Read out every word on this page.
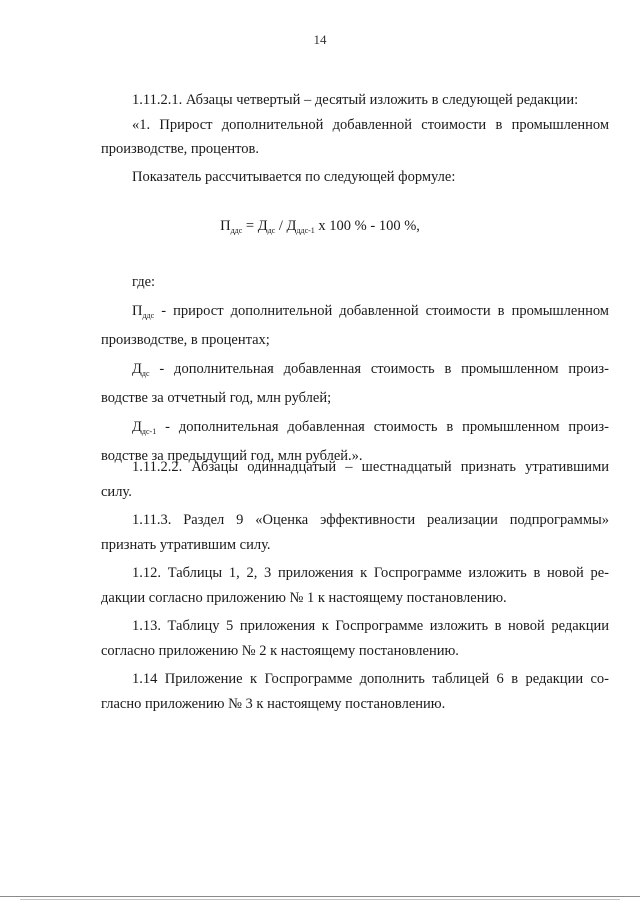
14
1.11.2.1. Абзацы четвертый – десятый изложить в следующей редакции:
«1. Прирост дополнительной добавленной стоимости в промышленном
производстве, процентов.
Показатель рассчитывается по следующей формуле:
$П_{ддс} = Д_{дс} / Д_{ддс-1}$ х 100 % - 100 %,
где:
$П_{ддс}$ - прирост дополнительной добавленной стоимости в промышленном
производстве, в процентах;
$Д_{дс}$ - дополнительная добавленная стоимость в промышленном произ-
водстве за отчетный год, млн рублей;
$Д_{дс-1}$ - дополнительная добавленная стоимость в промышленном произ-
водстве за предыдущий год, млн рублей.».
1.11.2.2. Абзацы одиннадцатый – шестнадцатый признать утратившими
силу.
1.11.3. Раздел 9 «Оценка эффективности реализации подпрограммы»
признать утратившим силу.
1.12. Таблицы 1, 2, 3 приложения к Госпрограмме изложить в новой ре-
дакции согласно приложению № 1 к настоящему постановлению.
1.13. Таблицу 5 приложения к Госпрограмме изложить в новой редакции
согласно приложению № 2 к настоящему постановлению.
1.14 Приложение к Госпрограмме дополнить таблицей 6 в редакции со-
гласно приложению № 3 к настоящему постановлению.
